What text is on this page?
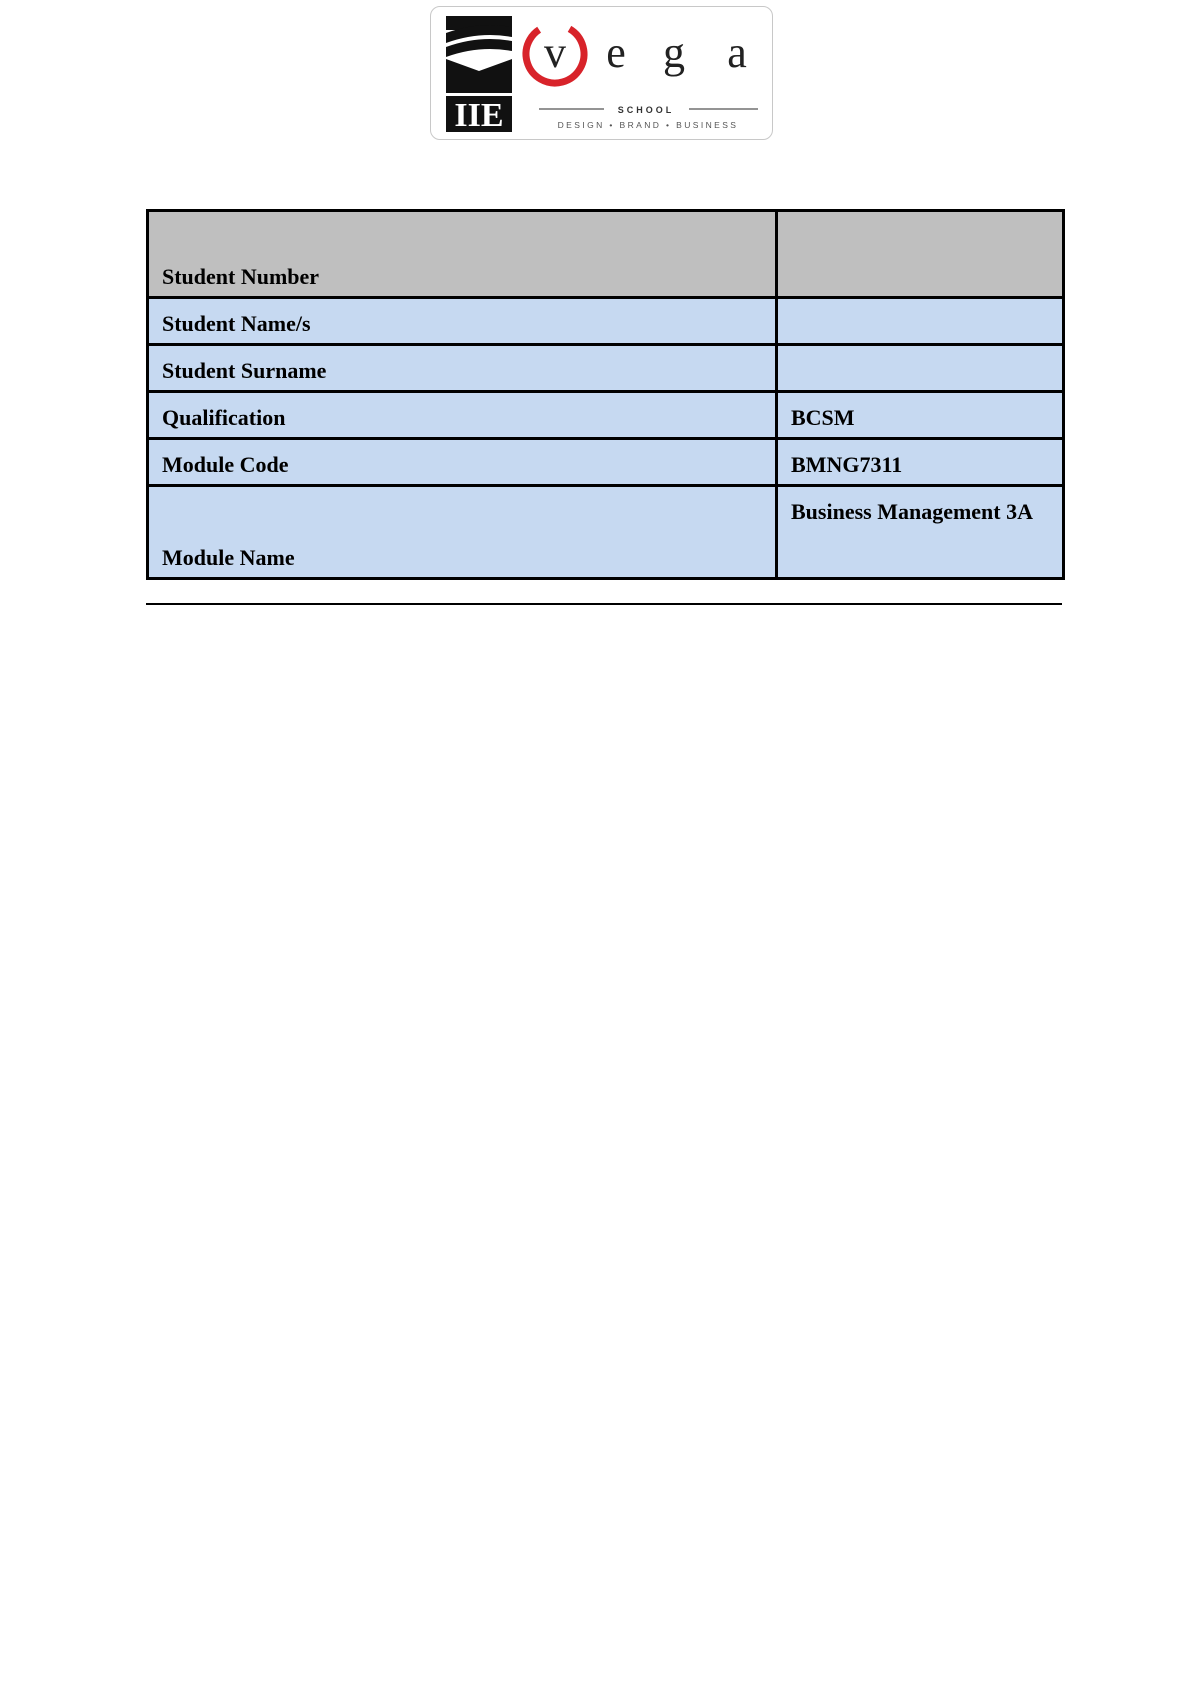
IIE
v e g a
SCHOOL
DESIGN • BRAND • BUSINESS
Student Number	
Student Name/s	
Student Surname	
Qualification	BCSM
Module Code	BMNG7311
Module Name	Business Management 3A
